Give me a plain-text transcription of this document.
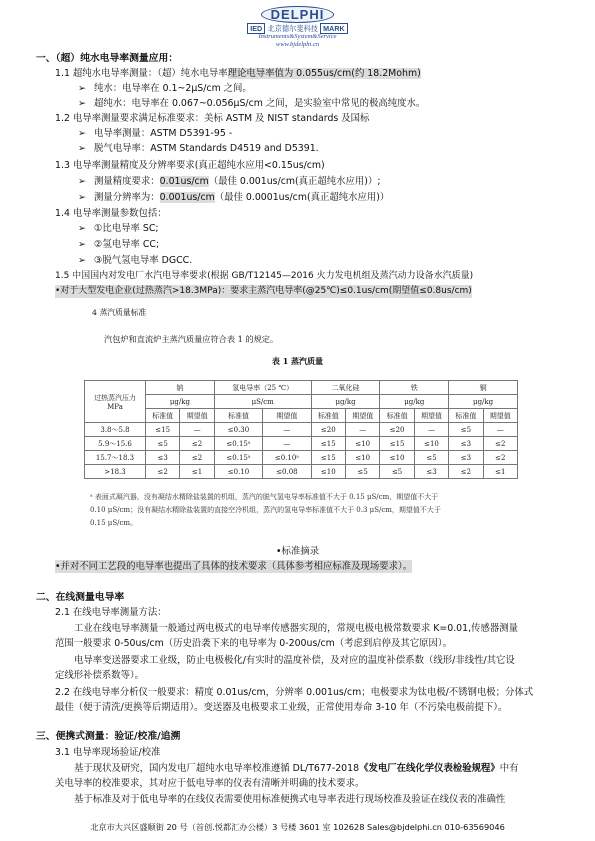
DELPHI
IED 北京德尔斐科技 MARK
Instruments&System&Service
www.bjdelphi.cn
一、（超）纯水电导率测量应用：
1.1 超纯水电导率测量：（超）纯水电导率理论电导率值为 0.055us/cm(约 18.2Mohm)
➢ 纯水：电导率在 0.1~2μS/cm 之间。
➢ 超纯水：电导率在 0.067~0.056μS/cm 之间，是实验室中常见的极高纯度水。
1.2 电导率测量要求满足标准要求：美标 ASTM 及 NIST standards 及国标
➢ 电导率测量：ASTM D5391-95 -
➢ 脱气电导率：ASTM Standards D4519 and D5391.
1.3 电导率测量精度及分辨率要求(真正超纯水应用<0.15us/cm)
➢ 测量精度要求：0.01us/cm（最佳 0.001us/cm(真正超纯水应用)）;
➢ 测量分辨率为：0.001us/cm（最佳 0.0001us/cm(真正超纯水应用)）
1.4 电导率测量参数包括：
➢ ①比电导率 SC;
➢ ②氢电导率 CC;
➢ ③脱气氢电导率 DGCC.
1.5 中国国内对发电厂水汽电导率要求(根据 GB/T12145—2016 火力发电机组及蒸汽动力设备水汽质量)
•对于大型发电企业(过热蒸汽>18.3MPa)：要求主蒸汽电导率(@25℃)≤0.1us/cm(期望值≤0.8us/cm)
4 蒸汽质量标准
汽包炉和直流炉主蒸汽质量应符合表 1 的规定。
表 1 蒸汽质量
过热蒸汽压力
MPa	钠		氢电导率（25 ℃）		二氧化硅		铁		铜	
	μg/kg		μS/cm		μg/kg		μg/kg		μg/kg	
	标准值	期望值	标准值	期望值	标准值	期望值	标准值	期望值	标准值	期望值
3.8～5.8	≤15	—	≤0.30	—	≤20	—	≤20	—	≤5	—
5.9～15.6	≤5	≤2	≤0.15ᵃ	—	≤15	≤10	≤15	≤10	≤3	≤2
15.7～18.3	≤3	≤2	≤0.15ᵃ	≤0.10ᵃ	≤15	≤10	≤10	≤5	≤3	≤2
>18.3	≤2	≤1	≤0.10	≤0.08	≤10	≤5	≤5	≤3	≤2	≤1
ᵃ 表面式凝汽器，没有凝结水精除盐装置的机组，蒸汽的脱气氢电导率标准值不大于 0.15 μS/cm，期望值不大于
0.10 μS/cm；没有凝结水精除盐装置的直接空冷机组，蒸汽的氢电导率标准值不大于 0.3 μS/cm，期望值不大于
0.15 μS/cm。
•标准摘录
•并对不同工艺段的电导率也提出了具体的技术要求（具体参考相应标准及现场要求）。
二、在线测量电导率
2.1 在线电导率测量方法：
工业在线电导率测量一般通过两电极式的电导率传感器实现的，常规电极电极常数要求 K=0.01,传感器测量
范围一般要求 0-50us/cm（历史沿袭下来的电导率为 0-200us/cm（考虑到启停及其它原因）。
电导率变送器要求工业级，防止电极极化/有实时的温度补偿，及对应的温度补偿系数（线形/非线性/其它设
定线形补偿系数等）。
2.2 在线电导率分析仪一般要求：精度 0.01us/cm，分辨率 0.001us/cm；电极要求为钛电极/不锈钢电极；分体式
最佳（便于清洗/更换等后期适用）。变送器及电极要求工业级，正常使用寿命 3-10 年（不污染电极前提下）。
三、便携式测量：验证/校准/追溯
3.1 电导率现场验证/校准
基于现状及研究，国内发电厂超纯水电导率校准遵循 DL/T677-2018《发电厂在线化学仪表检验规程》中有
关电导率的校准要求，其对应于低电导率的仪表有清晰并明确的技术要求。
基于标准及对于低电导率的在线仪表需要使用标准便携式电导率表进行现场校准及验证在线仪表的准确性
北京市大兴区盛顺街 20 号（首创.悦都汇办公楼）3 号楼 3601 室 102628 Sales@bjdelphi.cn 010-63569046
